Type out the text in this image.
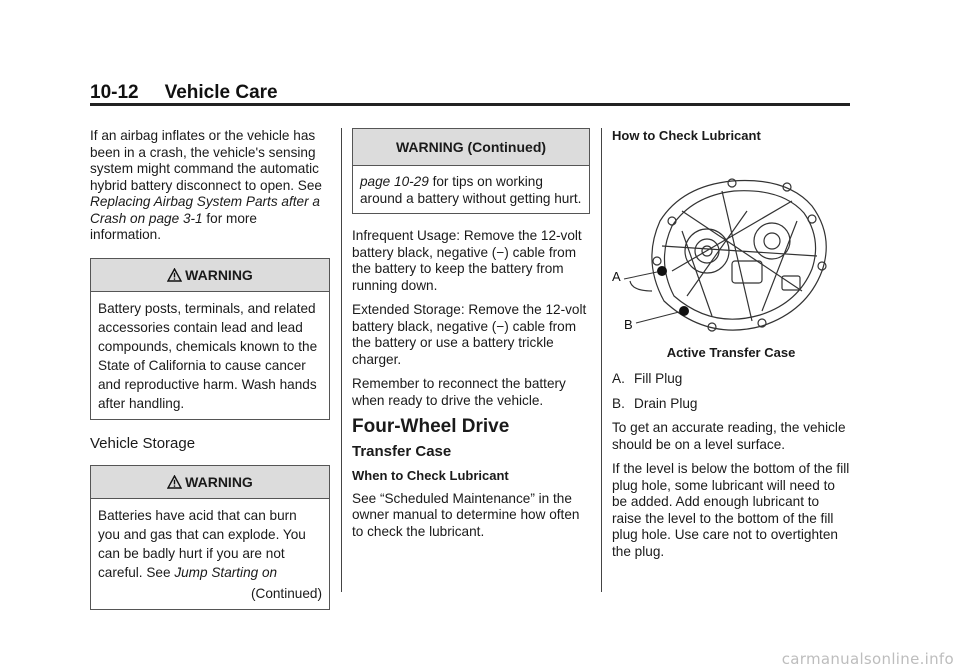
10-12 Vehicle Care

If an airbag inflates or the vehicle has been in a crash, the vehicle's sensing system might command the automatic hybrid battery disconnect to open. See Replacing Airbag System Parts after a Crash on page 3-1 for more information.

WARNING
Battery posts, terminals, and related accessories contain lead and lead compounds, chemicals known to the State of California to cause cancer and reproductive harm. Wash hands after handling.
Vehicle Storage
WARNING
Batteries have acid that can burn you and gas that can explode. You can be badly hurt if you are not careful. See Jump Starting on
(Continued)
WARNING (Continued)
page 10-29 for tips on working around a battery without getting hurt.

Infrequent Usage: Remove the 12-volt battery black, negative (−) cable from the battery to keep the battery from running down.

Extended Storage: Remove the 12-volt battery black, negative (−) cable from the battery or use a battery trickle charger.

Remember to reconnect the battery when ready to drive the vehicle.

Four-Wheel Drive
Transfer Case
When to Check Lubricant

See “Scheduled Maintenance” in the owner manual to determine how often to check the lubricant.

How to Check Lubricant
A
B
Active Transfer Case
A. Fill Plug
B. Drain Plug

To get an accurate reading, the vehicle should be on a level surface.

If the level is below the bottom of the fill plug hole, some lubricant will need to be added. Add enough lubricant to raise the level to the bottom of the fill plug hole. Use care not to overtighten the plug.

carmanualsonline.info
